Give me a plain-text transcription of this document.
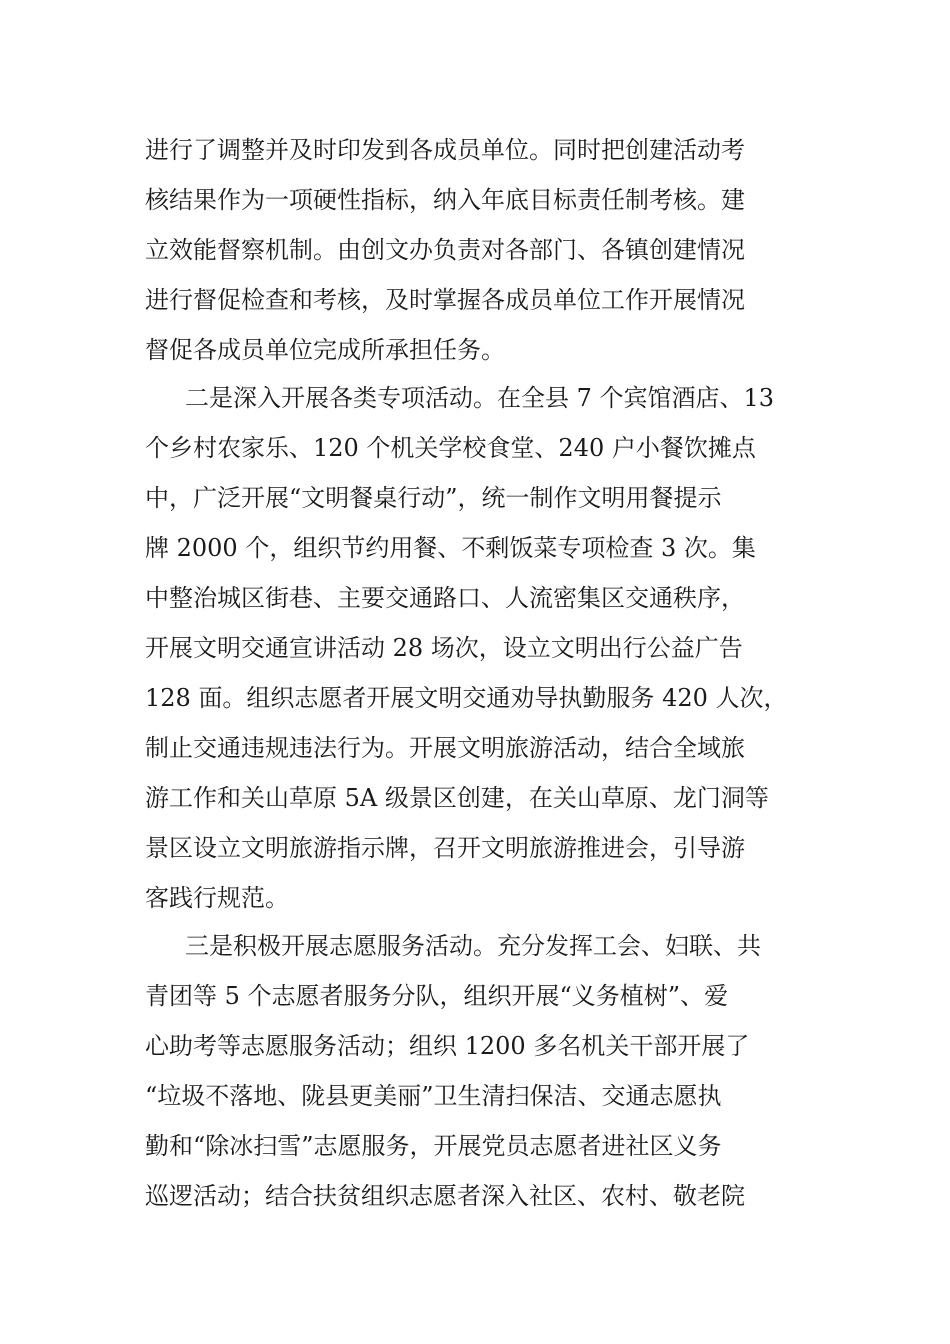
进行了调整并及时印发到各成员单位。同时把创建活动考
核结果作为一项硬性指标，纳入年底目标责任制考核。建
立效能督察机制。由创文办负责对各部门、各镇创建情况
进行督促检查和考核，及时掌握各成员单位工作开展情况
督促各成员单位完成所承担任务。
二是深入开展各类专项活动。在全县 7 个宾馆酒店、13
个乡村农家乐、120 个机关学校食堂、240 户小餐饮摊点
中，广泛开展“文明餐桌行动”，统一制作文明用餐提示
牌 2000 个，组织节约用餐、不剩饭菜专项检查 3 次。集
中整治城区街巷、主要交通路口、人流密集区交通秩序，
开展文明交通宣讲活动 28 场次，设立文明出行公益广告
128 面。组织志愿者开展文明交通劝导执勤服务 420 人次，
制止交通违规违法行为。开展文明旅游活动，结合全域旅
游工作和关山草原 5A 级景区创建，在关山草原、龙门洞等
景区设立文明旅游指示牌，召开文明旅游推进会，引导游
客践行规范。
三是积极开展志愿服务活动。充分发挥工会、妇联、共
青团等 5 个志愿者服务分队，组织开展“义务植树”、爱
心助考等志愿服务活动；组织 1200 多名机关干部开展了
“垃圾不落地、陇县更美丽”卫生清扫保洁、交通志愿执
勤和“除冰扫雪”志愿服务，开展党员志愿者进社区义务
巡逻活动；结合扶贫组织志愿者深入社区、农村、敬老院
